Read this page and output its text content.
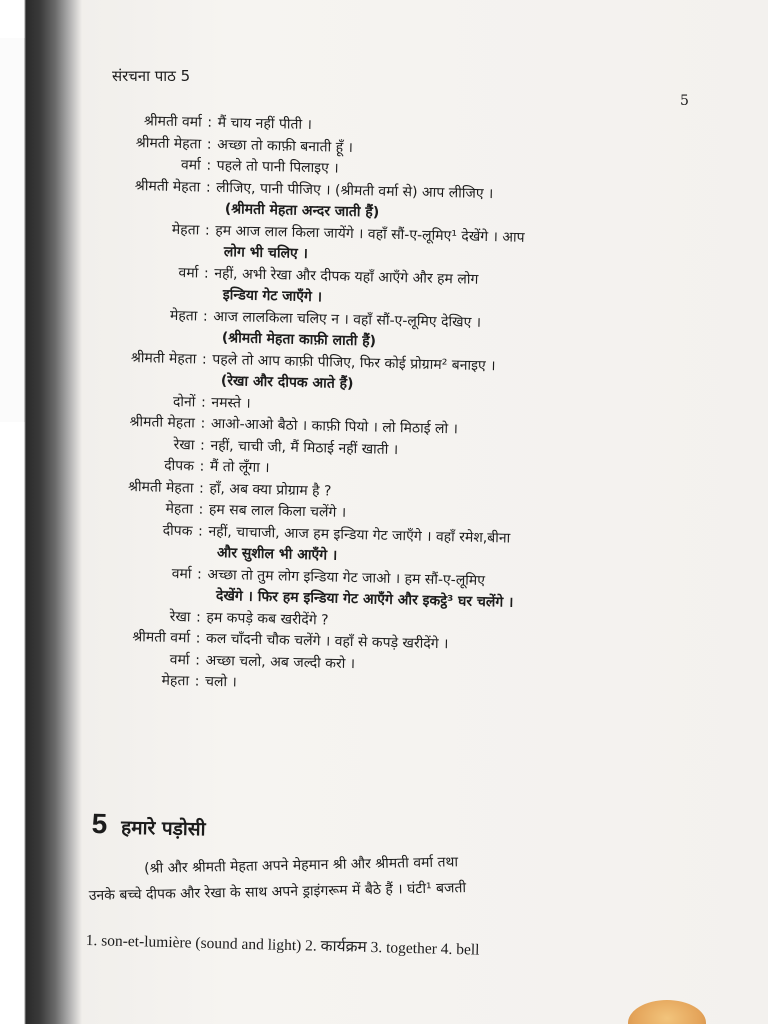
संरचना पाठ 5
5
श्रीमती वर्मा : मैं चाय नहीं पीती ।
श्रीमती मेहता : अच्छा तो काफ़ी बनाती हूँ ।
वर्मा : पहले तो पानी पिलाइए ।
श्रीमती मेहता : लीजिए, पानी पीजिए । (श्रीमती वर्मा से) आप लीजिए ।
(श्रीमती मेहता अन्दर जाती हैं)
मेहता : हम आज लाल किला जायेंगे । वहाँ सौं-ए-लूमिए¹ देखेंगे । आप
लोग भी चलिए ।
वर्मा : नहीं, अभी रेखा और दीपक यहाँ आएँगे और हम लोग
इन्डिया गेट जाएँगे ।
मेहता : आज लालकिला चलिए न । वहाँ सौं-ए-लूमिए देखिए ।
(श्रीमती मेहता काफ़ी लाती हैं)
श्रीमती मेहता : पहले तो आप काफ़ी पीजिए, फिर कोई प्रोग्राम² बनाइए ।
(रेखा और दीपक आते हैं)
दोनों : नमस्ते ।
श्रीमती मेहता : आओ-आओ बैठो । काफ़ी पियो । लो मिठाई लो ।
रेखा : नहीं, चाची जी, मैं मिठाई नहीं खाती ।
दीपक : मैं तो लूँगा ।
श्रीमती मेहता : हाँ, अब क्या प्रोग्राम है ?
मेहता : हम सब लाल किला चलेंगे ।
दीपक : नहीं, चाचाजी, आज हम इन्डिया गेट जाएँगे । वहाँ रमेश,बीना
और सुशील भी आएँगे ।
वर्मा : अच्छा तो तुम लोग इन्डिया गेट जाओ । हम सौं-ए-लूमिए
देखेंगे । फिर हम इन्डिया गेट आएँगे और इकट्ठे³ घर चलेंगे ।
रेखा : हम कपड़े कब खरीदेंगे ?
श्रीमती वर्मा : कल चाँदनी चौक चलेंगे । वहाँ से कपड़े खरीदेंगे ।
वर्मा : अच्छा चलो, अब जल्दी करो ।
मेहता : चलो ।
5 हमारे पड़ोसी
(श्री और श्रीमती मेहता अपने मेहमान श्री और श्रीमती वर्मा तथा
उनके बच्चे दीपक और रेखा के साथ अपने ड्राइंगरूम में बैठे हैं । घंटी¹ बजती
1. son-et-lumière (sound and light) 2. कार्यक्रम 3. together 4. bell
